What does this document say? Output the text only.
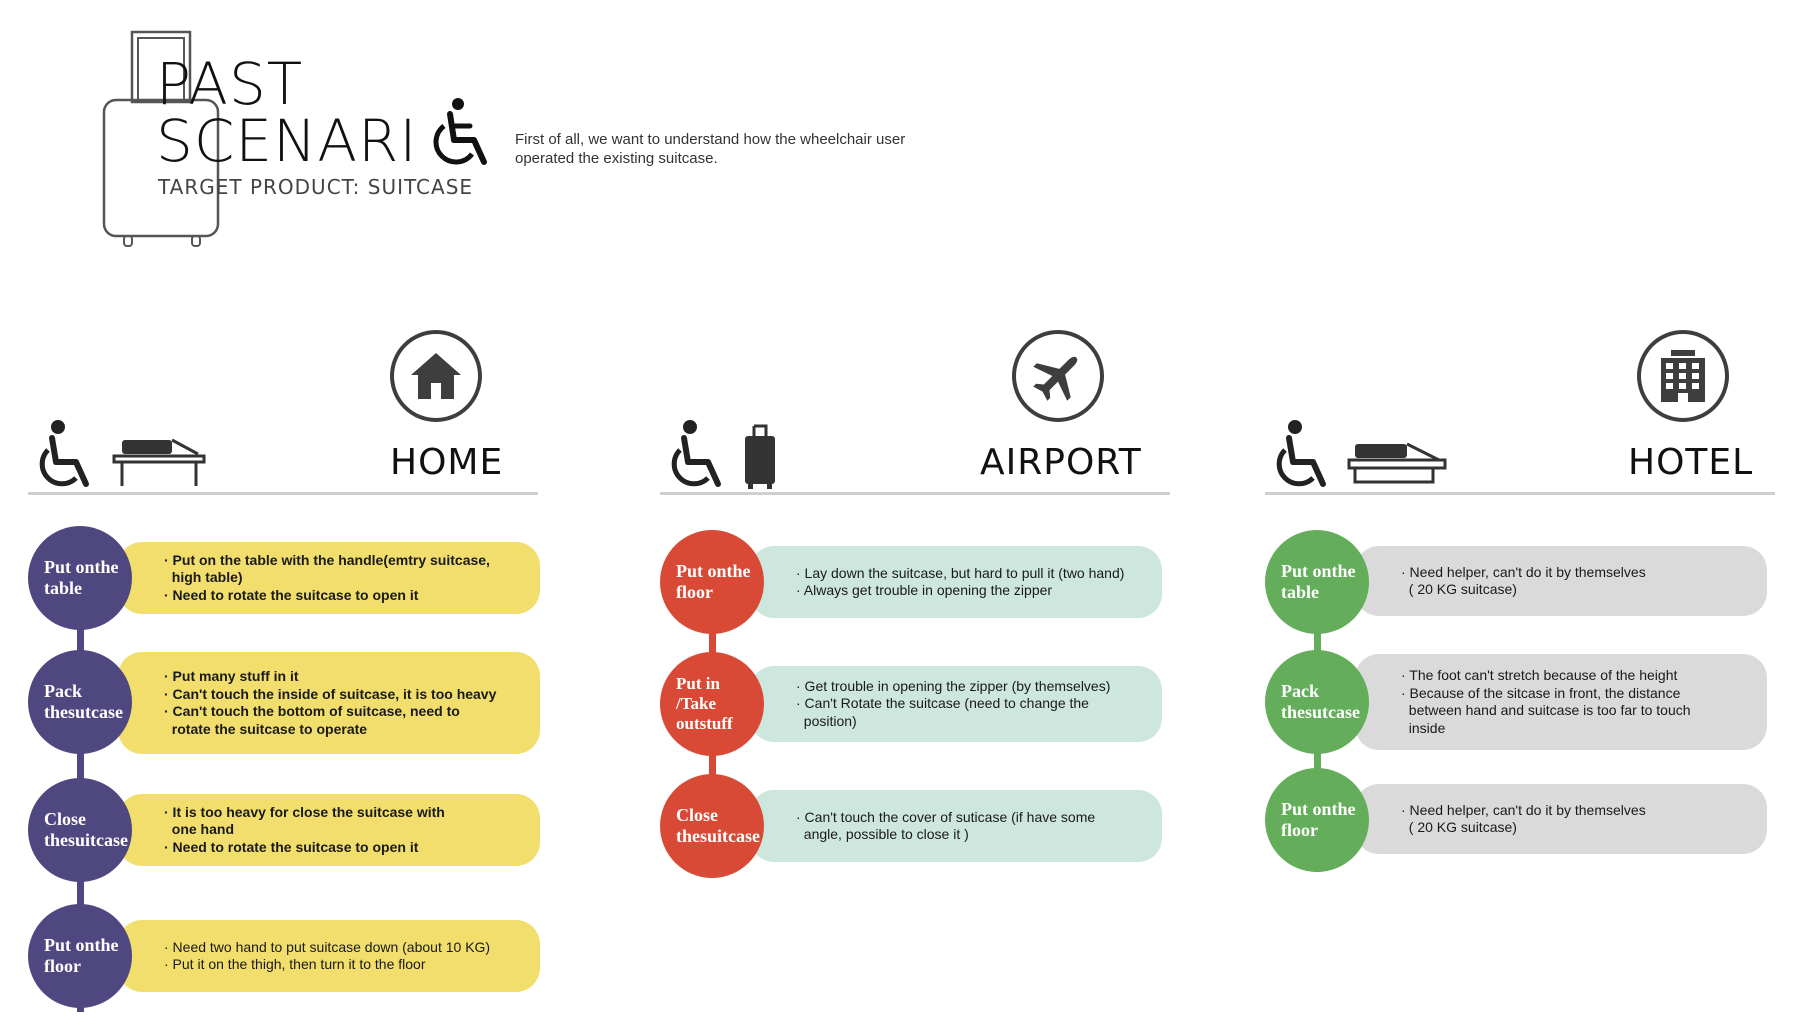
PAST
SCENARI
TARGET PRODUCT: SUITCASE
First of all, we want to understand how the wheelchair user
operated the existing suitcase.

HOME
Put onthe table
· Put on the table with the handle(emtry suitcase,
high table)
· Need to rotate the suitcase to open it
Pack thesutcase
· Put many stuff in it
· Can't touch the inside of suitcase, it is too heavy
· Can't touch the bottom of suitcase, need to
rotate the suitcase to operate
Close thesuitcase
· It is too heavy for close the suitcase with
one hand
· Need to rotate the suitcase to open it
Put onthe floor
· Need two hand to put suitcase down (about 10 KG)
· Put it on the thigh, then turn it to the floor

AIRPORT
Put onthe floor
· Lay down the suitcase, but hard to pull it (two hand)
· Always get trouble in opening the zipper
Put in /Take outstuff
· Get trouble in opening the zipper (by themselves)
· Can't Rotate the suitcase (need to change the
position)
Close thesuitcase
· Can't touch the cover of suticase (if have some
angle, possible to close it )

HOTEL
Put onthe table
· Need helper, can't do it by themselves
( 20 KG suitcase)
Pack thesutcase
· The foot can't stretch because of the height
· Because of the sitcase in front, the distance
between hand and suitcase is too far to touch
inside
Put onthe floor
· Need helper, can't do it by themselves
( 20 KG suitcase)
